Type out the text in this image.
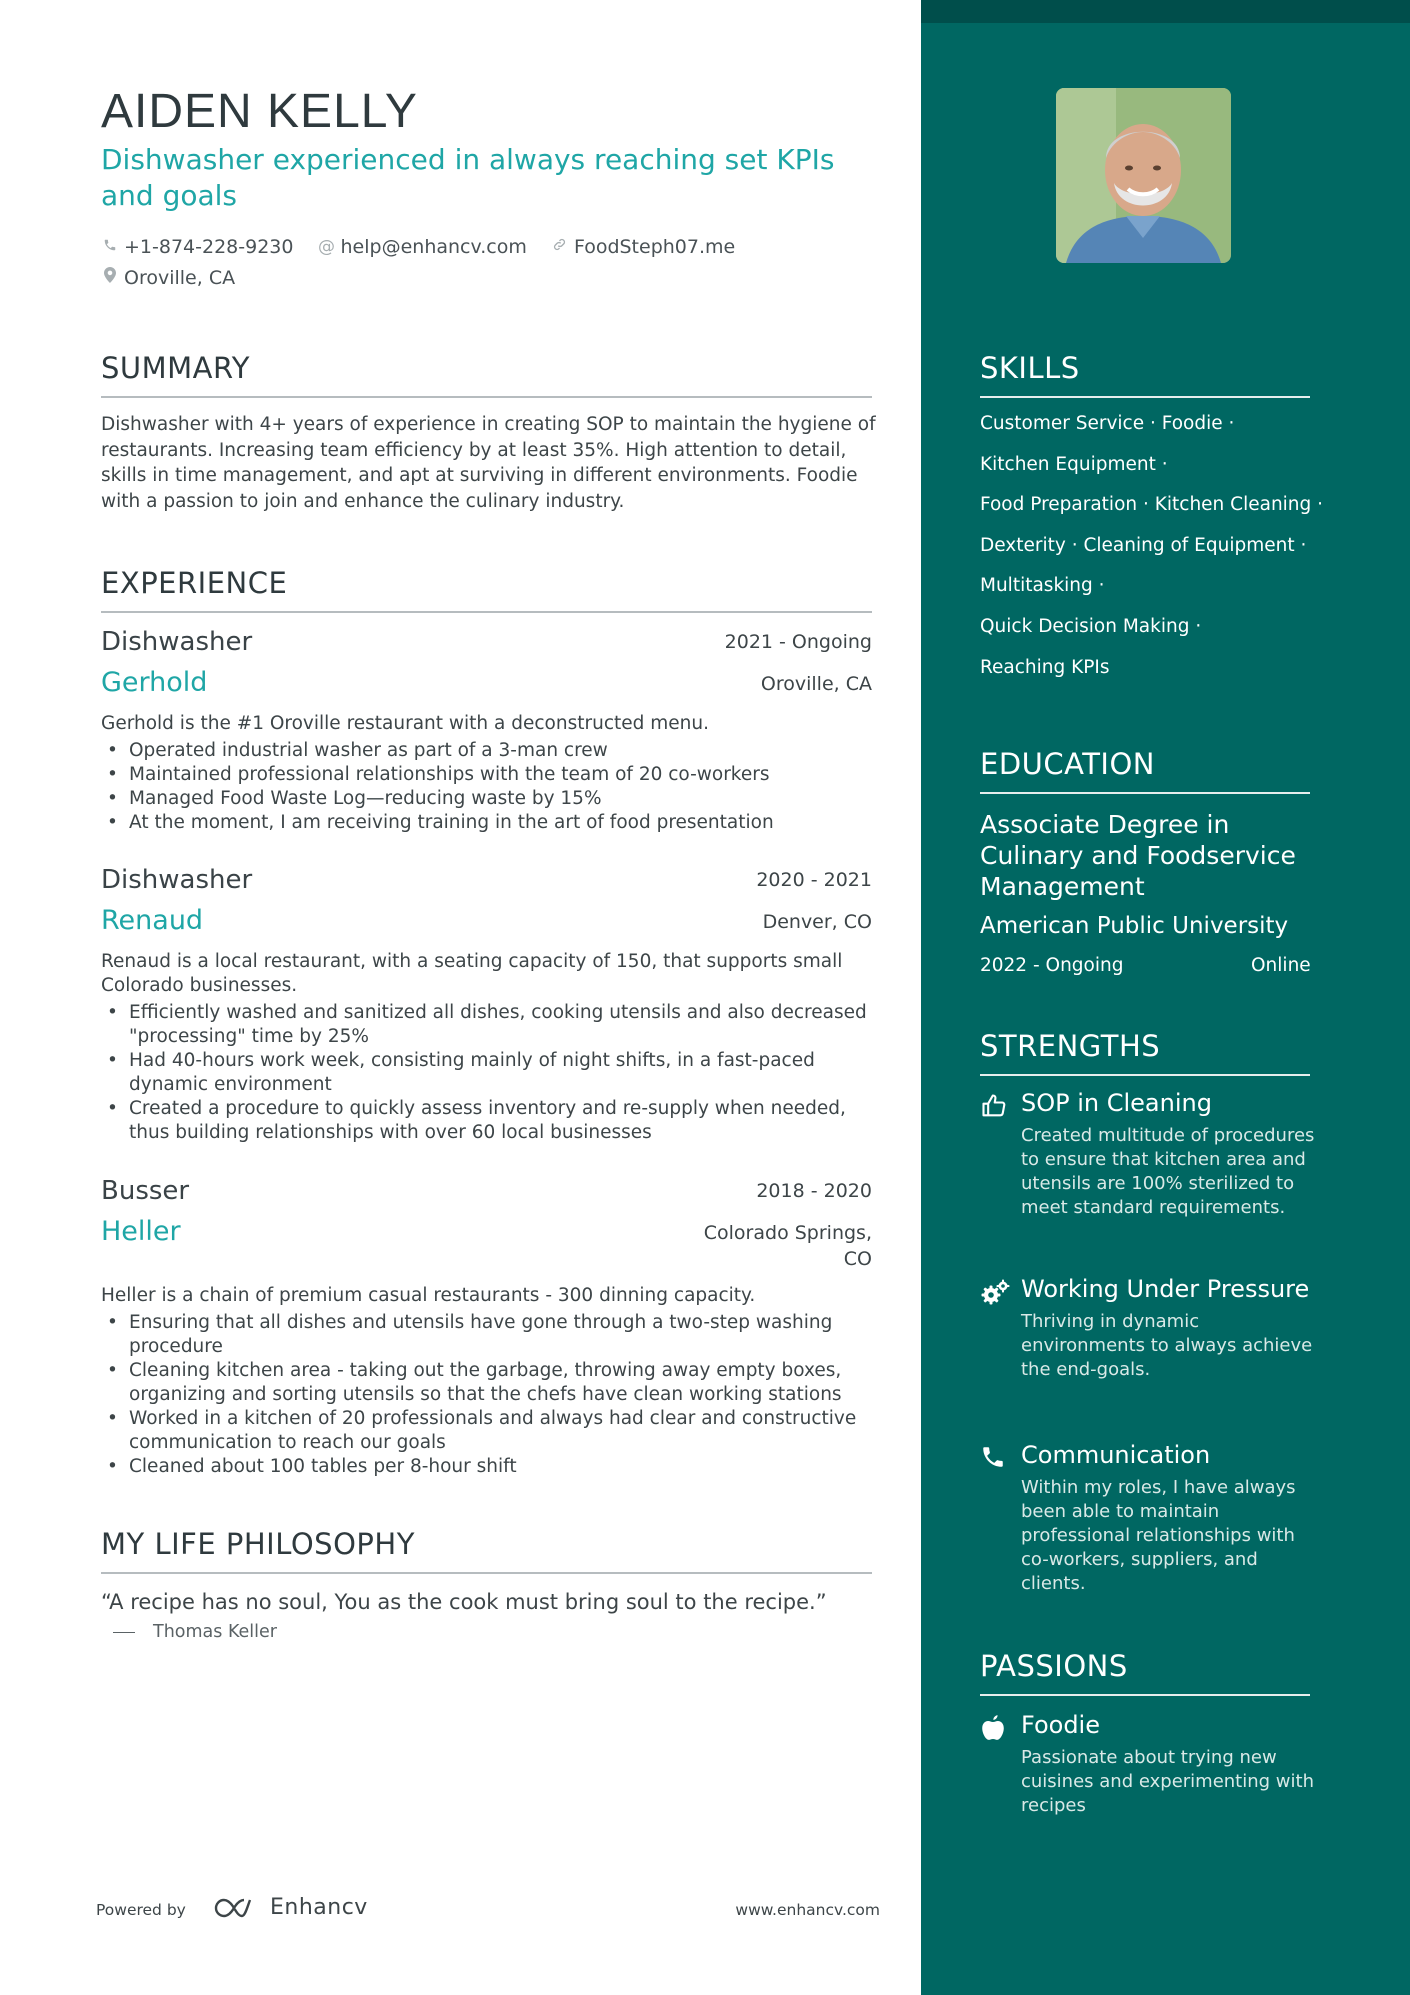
AIDEN KELLY
Dishwasher experienced in always reaching set KPIs and goals
+1-874-228-9230
@ help@enhancv.com
FoodSteph07.me

Oroville, CA
SUMMARY
Dishwasher with 4+ years of experience in creating SOP to maintain the hygiene of restaurants. Increasing team efficiency by at least 35%. High attention to detail, skills in time management, and apt at surviving in different environments. Foodie with a passion to join and enhance the culinary industry.
EXPERIENCE
Dishwasher	2021 - Ongoing
Gerhold	Oroville, CA
Gerhold is the #1 Oroville restaurant with a deconstructed menu.
• Operated industrial washer as part of a 3-man crew
• Maintained professional relationships with the team of 20 co-workers
• Managed Food Waste Log—reducing waste by 15%
• At the moment, I am receiving training in the art of food presentation
Dishwasher	2020 - 2021
Renaud	Denver, CO
Renaud is a local restaurant, with a seating capacity of 150, that supports small Colorado businesses.
• Efficiently washed and sanitized all dishes, cooking utensils and also decreased "processing" time by 25%
• Had 40-hours work week, consisting mainly of night shifts, in a fast-paced dynamic environment
• Created a procedure to quickly assess inventory and re-supply when needed, thus building relationships with over 60 local businesses
Busser	2018 - 2020
Heller	Colorado Springs,
CO
Heller is a chain of premium casual restaurants - 300 dinning capacity.
• Ensuring that all dishes and utensils have gone through a two-step washing procedure
• Cleaning kitchen area - taking out the garbage, throwing away empty boxes, organizing and sorting utensils so that the chefs have clean working stations
• Worked in a kitchen of 20 professionals and always had clear and constructive communication to reach our goals
• Cleaned about 100 tables per 8-hour shift
MY LIFE PHILOSOPHY
“A recipe has no soul, You as the cook must bring soul to the recipe.”
Thomas Keller
Powered by	Enhancv	www.enhancv.com
SKILLS
Customer Service · Foodie ·
Kitchen Equipment ·
Food Preparation · Kitchen Cleaning ·
Dexterity · Cleaning of Equipment ·
Multitasking ·
Quick Decision Making ·
Reaching KPIs
EDUCATION
Associate Degree in Culinary and Foodservice Management
American Public University
2022 - Ongoing	Online
STRENGTHS
SOP in Cleaning
Created multitude of procedures to ensure that kitchen area and utensils are 100% sterilized to meet standard requirements.
Working Under Pressure
Thriving in dynamic environments to always achieve the end-goals.
Communication
Within my roles, I have always been able to maintain professional relationships with co-workers, suppliers, and clients.
PASSIONS
Foodie
Passionate about trying new cuisines and experimenting with recipes
